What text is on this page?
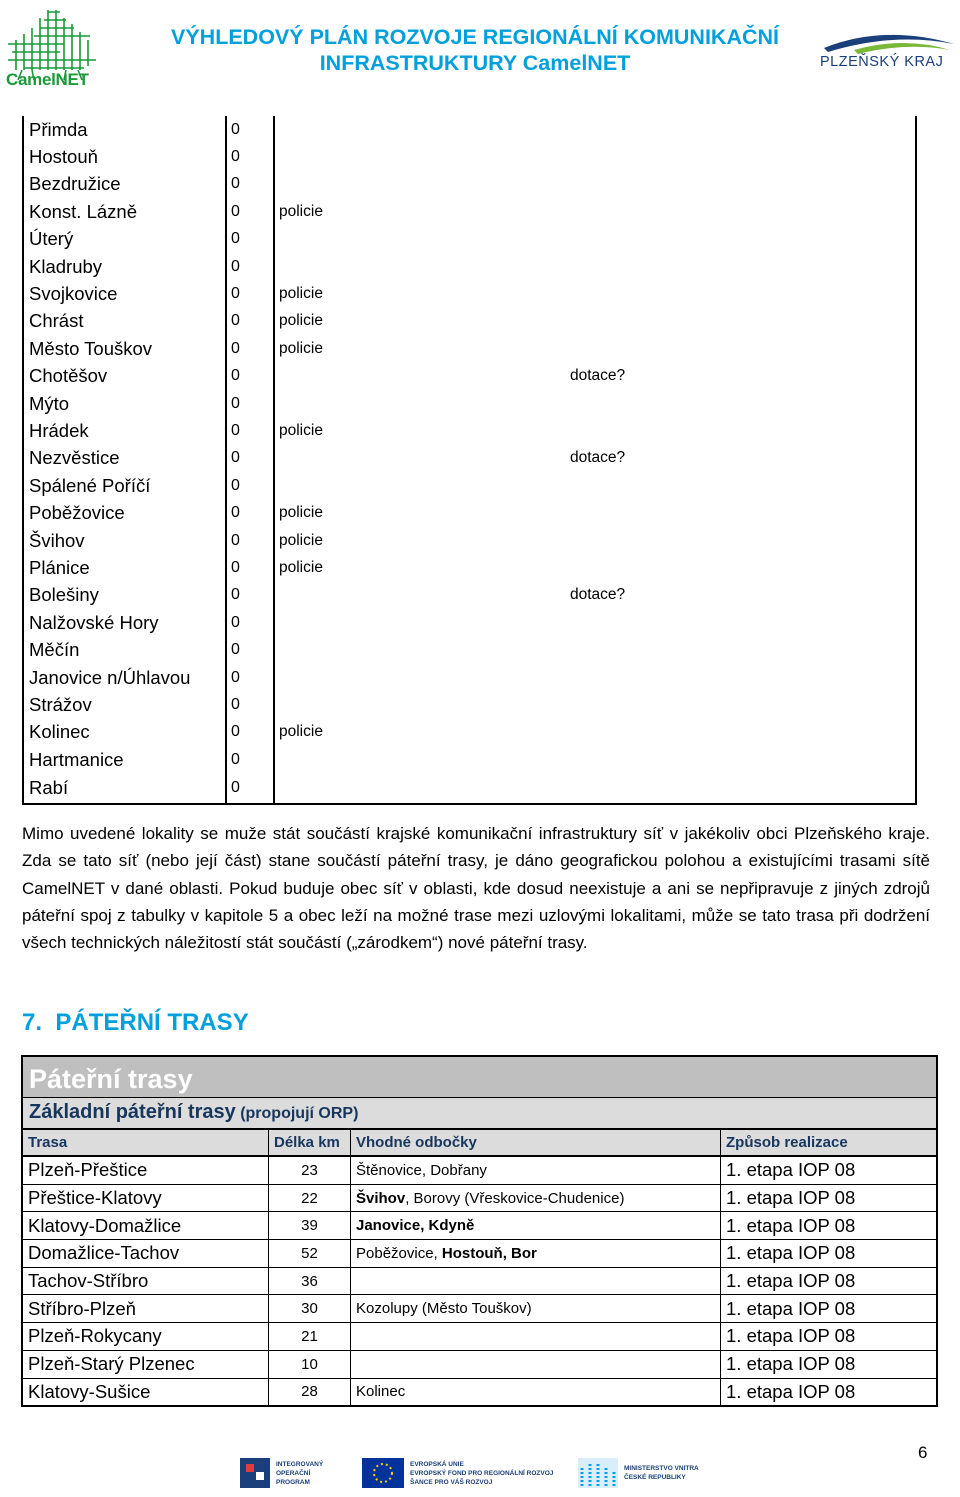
CamelNET
VÝHLEDOVÝ PLÁN ROZVOJE REGIONÁLNÍ KOMUNIKAČNÍ
INFRASTRUKTURY CamelNET	PLZEŇSKÝ KRAJ
Přimda	0		
Hostouň	0		
Bezdružice	0		
Konst. Lázně	0	policie	
Úterý	0		
Kladruby	0		
Svojkovice	0	policie	
Chrást	0	policie	
Město Touškov	0	policie	
Chotěšov	0		dotace?
Mýto	0		
Hrádek	0	policie	
Nezvěstice	0		dotace?
Spálené Poříčí	0		
Poběžovice	0	policie	
Švihov	0	policie	
Plánice	0	policie	
Bolešiny	0		dotace?
Nalžovské Hory	0		
Měčín	0		
Janovice n/Úhlavou	0		
Strážov	0		
Kolinec	0	policie	
Hartmanice	0		
Rabí	0		
Mimo uvedené lokality se muže stát součástí krajské komunikační infrastruktury síť v jakékoliv obci Plzeňského kraje. Zda se tato síť (nebo její část) stane součástí páteřní trasy, je dáno geografickou polohou a existujícími trasami sítě CamelNET v dané oblasti. Pokud buduje obec síť v oblasti, kde dosud neexistuje a ani se nepřipravuje z jiných zdrojů páteřní spoj z tabulky v kapitole 5 a obec leží na možné trase mezi uzlovými lokalitami, může se tato trasa při dodržení všech technických náležitostí stát součástí („zárodkem“) nové páteřní trasy.
7.  PÁTEŘNÍ TRASY
Páteřní trasy
Základní páteřní trasy (propojují ORP)
Trasa	Délka km	Vhodné odbočky	Způsob realizace
Plzeň-Přeštice	23	Štěnovice, Dobřany	1. etapa IOP 08
Přeštice-Klatovy	22	Švihov, Borovy (Vřeskovice-Chudenice)	1. etapa IOP 08
Klatovy-Domažlice	39	Janovice, Kdyně	1. etapa IOP 08
Domažlice-Tachov	52	Poběžovice, Hostouň, Bor	1. etapa IOP 08
Tachov-Stříbro	36		1. etapa IOP 08
Stříbro-Plzeň	30	Kozolupy (Město Touškov)	1. etapa IOP 08
Plzeň-Rokycany	21		1. etapa IOP 08
Plzeň-Starý Plzenec	10		1. etapa IOP 08
Klatovy-Sušice	28	Kolinec	1. etapa IOP 08
6
INTEGROVANÝ
OPERAČNÍ
PROGRAM
EVROPSKÁ UNIE
EVROPSKÝ FOND PRO REGIONÁLNÍ ROZVOJ
ŠANCE PRO VÁŠ ROZVOJ
MINISTERSTVO VNITRA
ČESKÉ REPUBLIKY
